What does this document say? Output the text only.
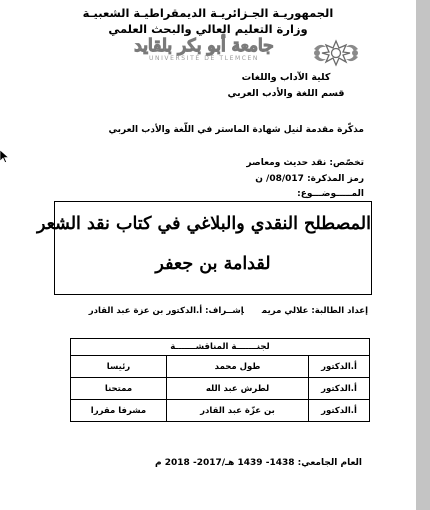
الجمهوريـة الجـزائريـة الديمقراطيـة الشعبيـة
وزارة التعليم العالي والبحث العلمي
جامعة أبو بكر بلقايد
UNIVERSITÉ DE TLEMCEN
كلية الآداب واللغات
قسم اللغة والأدب العربي
مذكّرة مقدمة لنيل شهادة الماستر في اللّغة والأدب العربي
تخصّص: نقد حديث ومعاصر
رمز المذكرة: 08/017/ ن
المـــــوضـــوع:
المصطلح النقدي والبلاغي في كتاب نقد الشعر
لقدامة بن جعفر
إعداد الطالبة: علالي مريمإشــراف: أ.الدكتور بن عزة عبد القادر
لجنـــــــة المناقشـــــــة
أ.الدكتور
طول محمد
رئيسا
أ.الدكتور
لطرش عبد الله
ممتحنا
أ.الدكتور
بن عزّة عبد القادر
مشرفا مقررا
العام الجامعي: 1438- 1439 هـ/2017- 2018 م
